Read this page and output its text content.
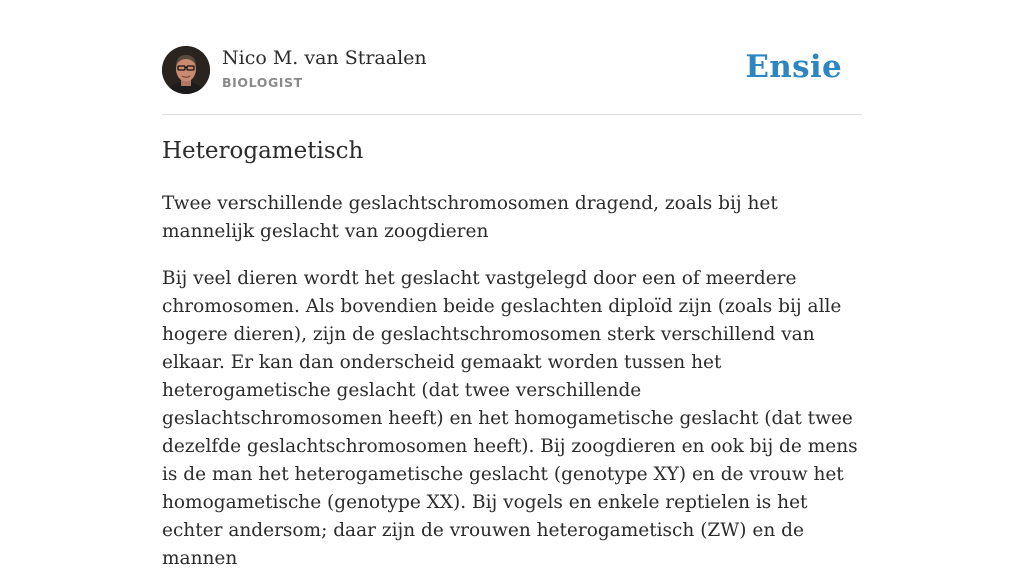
Nico M. van Straalen
BIOLOGIST	Ensie
Heterogametisch

Twee verschillende geslachtschromosomen dragend, zoals bij het mannelijk geslacht van zoogdieren

Bij veel dieren wordt het geslacht vastgelegd door een of meerdere chromosomen. Als bovendien beide geslachten diploïd zijn (zoals bij alle hogere dieren), zijn de geslachtschromosomen sterk verschillend van elkaar. Er kan dan onderscheid gemaakt worden tussen het heterogametische geslacht (dat twee verschillende geslachtschromosomen heeft) en het homogametische geslacht (dat twee dezelfde geslachtschromosomen heeft). Bij zoogdieren en ook bij de mens is de man het heterogametische geslacht (genotype XY) en de vrouw het homogametische (genotype XX). Bij vogels en enkele reptielen is het echter andersom; daar zijn de vrouwen heterogametisch (ZW) en de mannen
